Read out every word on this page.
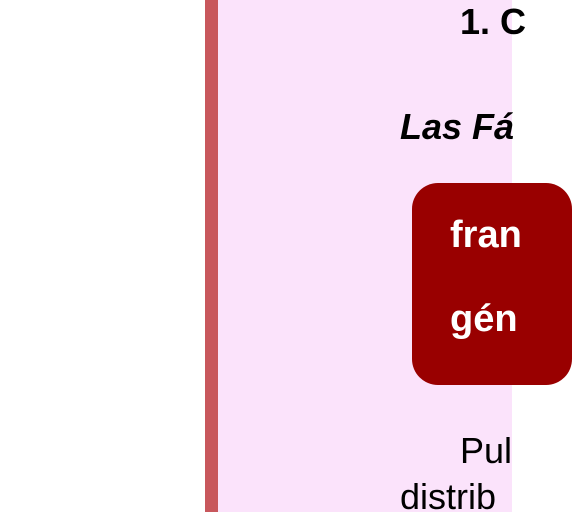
1. C

Las Fá

fran

gén

Pul

distrib
